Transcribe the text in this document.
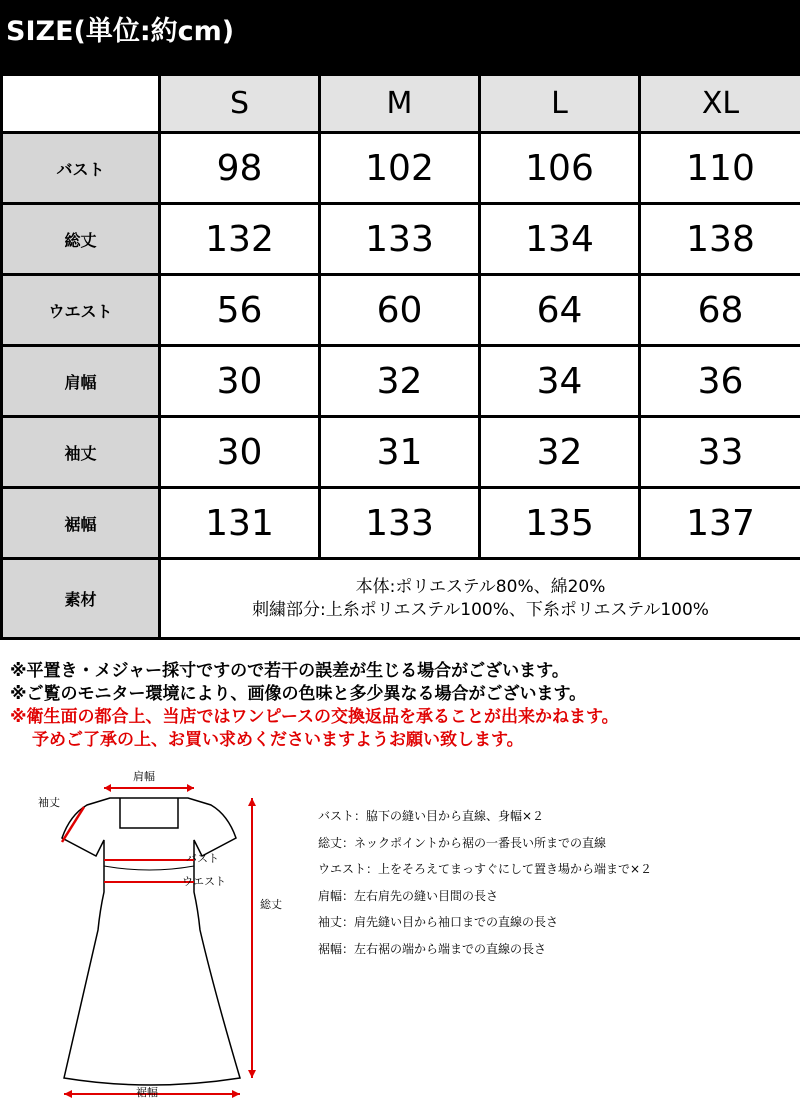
SIZE(単位:約cm)
	S	M	L	XL
バスト	98	102	106	110
総丈	132	133	134	138
ウエスト	56	60	64	68
肩幅	30	32	34	36
袖丈	30	31	32	33
裾幅	131	133	135	137
素材	本体:ポリエステル80%、綿20%
刺繍部分:上糸ポリエステル100%、下糸ポリエステル100%			
※平置き・メジャー採寸ですので若干の誤差が生じる場合がございます。
※ご覧のモニター環境により、画像の色味と多少異なる場合がございます。
※衛生面の都合上、当店ではワンピースの交換返品を承ることが出来かねます。
予めご了承の上、お買い求めくださいますようお願い致します。
肩幅
袖丈
バスト
ウエスト
総丈
裾幅
バスト：脇下の縫い目から直線、身幅×２
総丈：ネックポイントから裾の一番長い所までの直線
ウエスト：上をそろえてまっすぐにして置き場から端まで×２
肩幅：左右肩先の縫い目間の長さ
袖丈：肩先縫い目から袖口までの直線の長さ
裾幅：左右裾の端から端までの直線の長さ
